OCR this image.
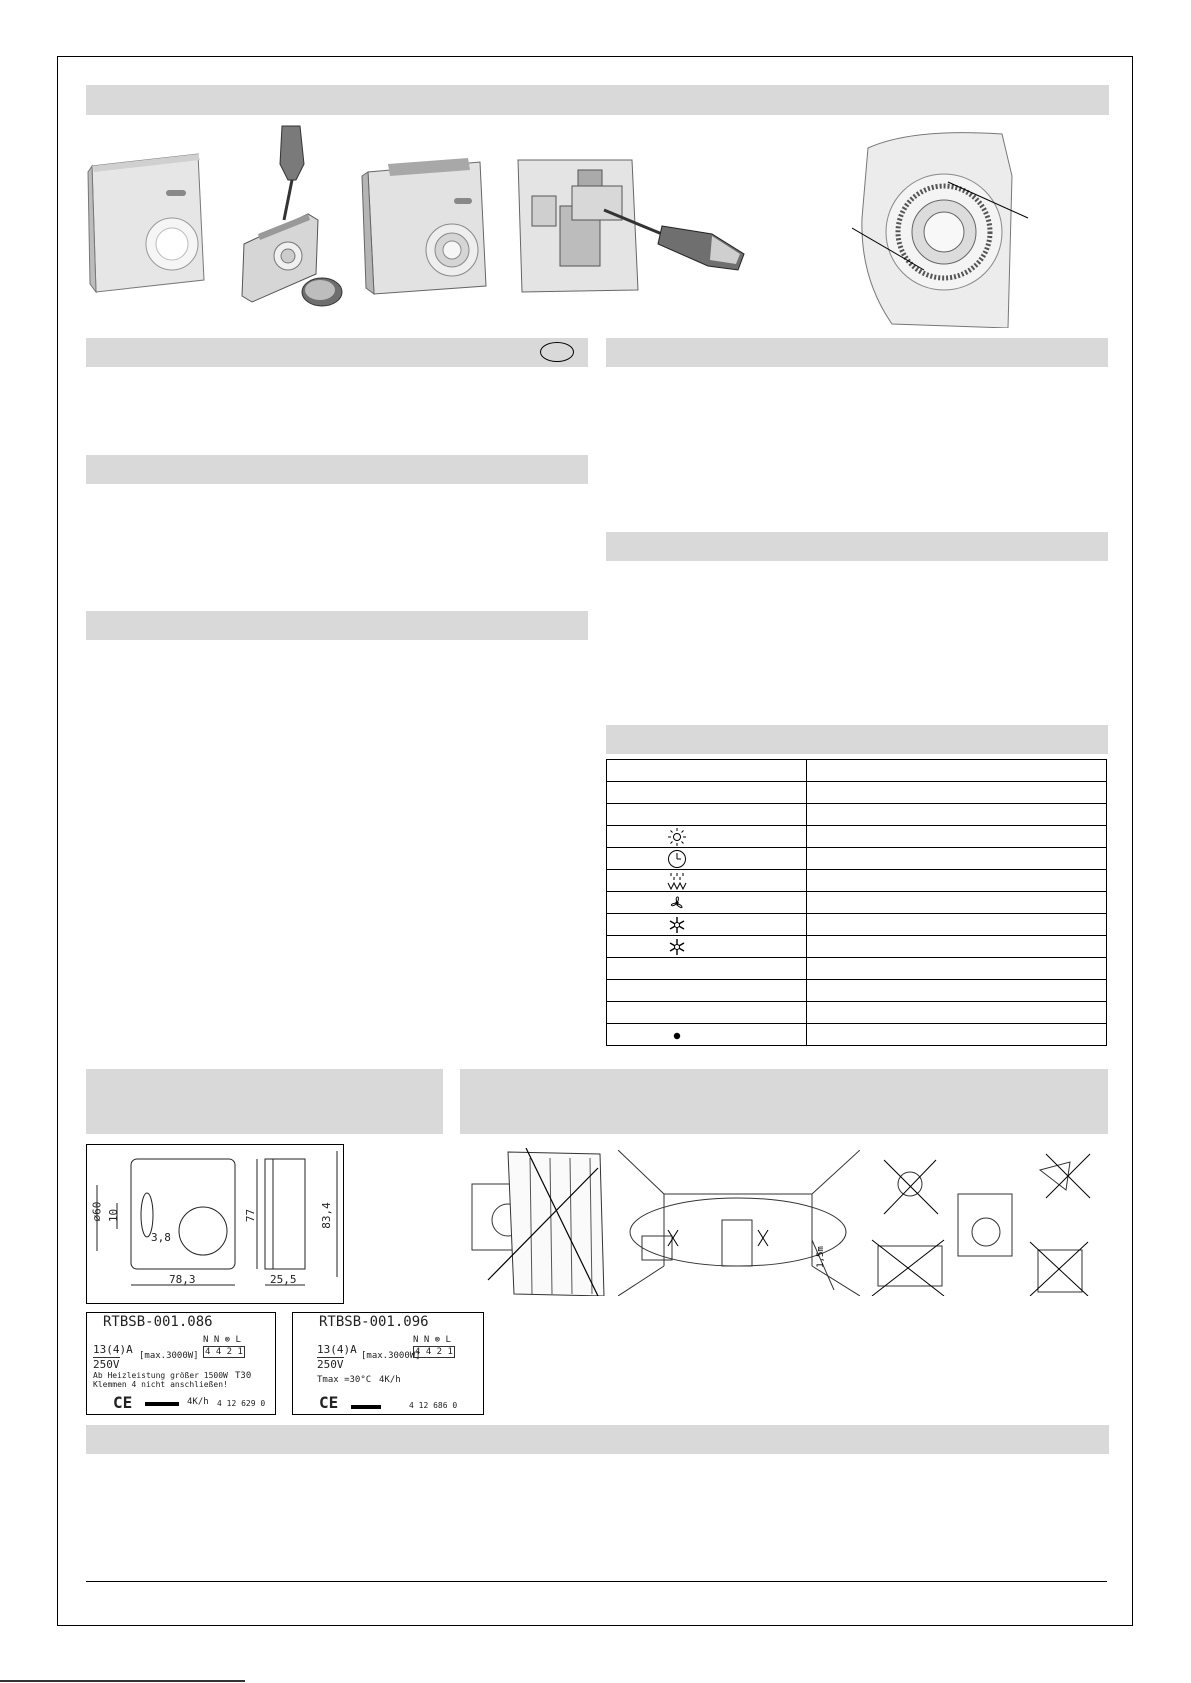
⌀60 10
3,8
78,3
77	83,4
25,5
RTBSB-001.086
N N ⊗ L
4 4 2 1
13(4)A
250V
[max.3000W]
Ab Heizleistung größer 1500W
Klemmen 4 nicht anschließen!
T30
CE	4K/h 4 12 629 0
RTBSB-001.096
N N ⊗ L
4 4 2 1
13(4)A
250V
[max.3000W]
Tmax =30°C 4K/h
CE	4 12 686 0
1,5m
